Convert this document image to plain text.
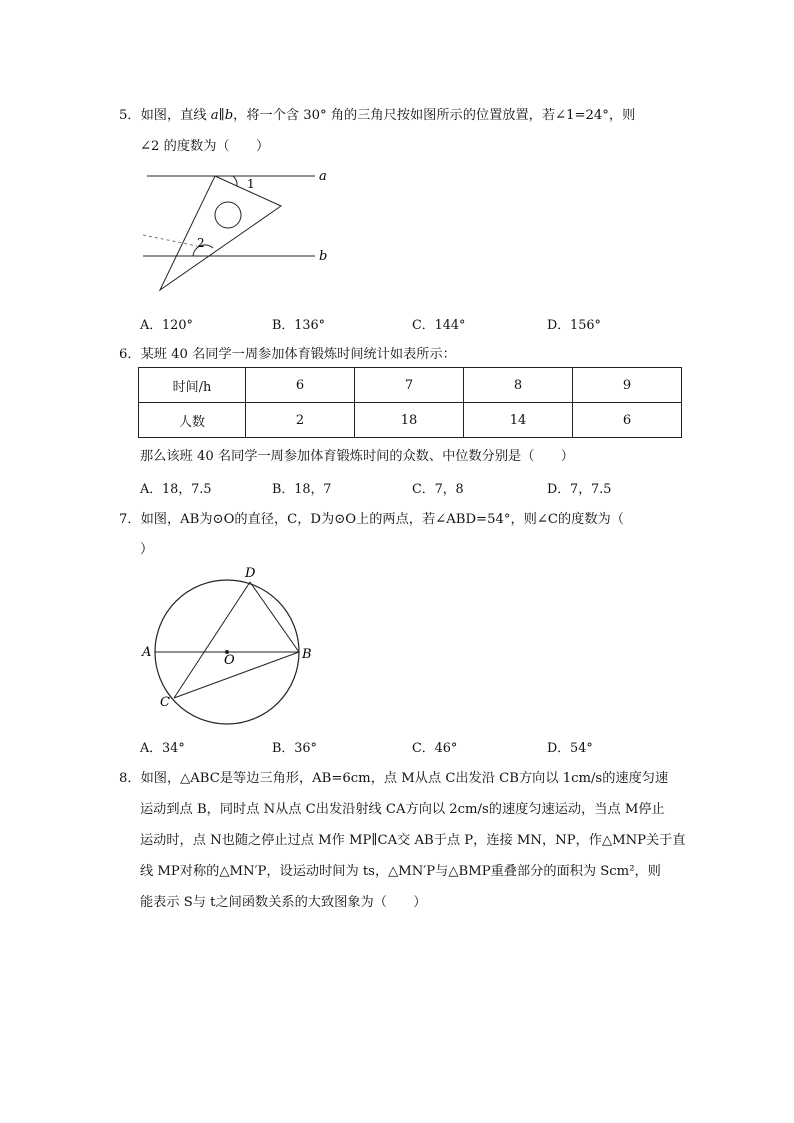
5．如图，直线 a∥b，将一个含 30° 角的三角尺按如图所示的位置放置，若∠1=24°，则
∠2 的度数为（　　）
1
2
a
b
A．120°	B．136°	C．144°	D．156°
6．某班 40 名同学一周参加体育锻炼时间统计如表所示：
时间/h	6	7	8	9
人数	2	18	14	6
那么该班 40 名同学一周参加体育锻炼时间的众数、中位数分别是（　　）
A．18，7.5	B．18，7	C．7，8	D．7，7.5
7．如图，AB为⊙O的直径，C，D为⊙O上的两点，若∠ABD=54°，则∠C的度数为（
）
A	B
C
D
O
A．34°	B．36°	C．46°	D．54°
8．如图，△ABC是等边三角形，AB=6cm，点 M从点 C出发沿 CB方向以 1cm/s的速度匀速
运动到点 B，同时点 N从点 C出发沿射线 CA方向以 2cm/s的速度匀速运动，当点 M停止
运动时，点 N也随之停止过点 M作 MP∥CA交 AB于点 P，连接 MN，NP，作△MNP关于直
线 MP对称的△MN′P，设运动时间为 ts，△MN′P与△BMP重叠部分的面积为 Scm²，则
能表示 S与 t之间函数关系的大致图象为（　　）
